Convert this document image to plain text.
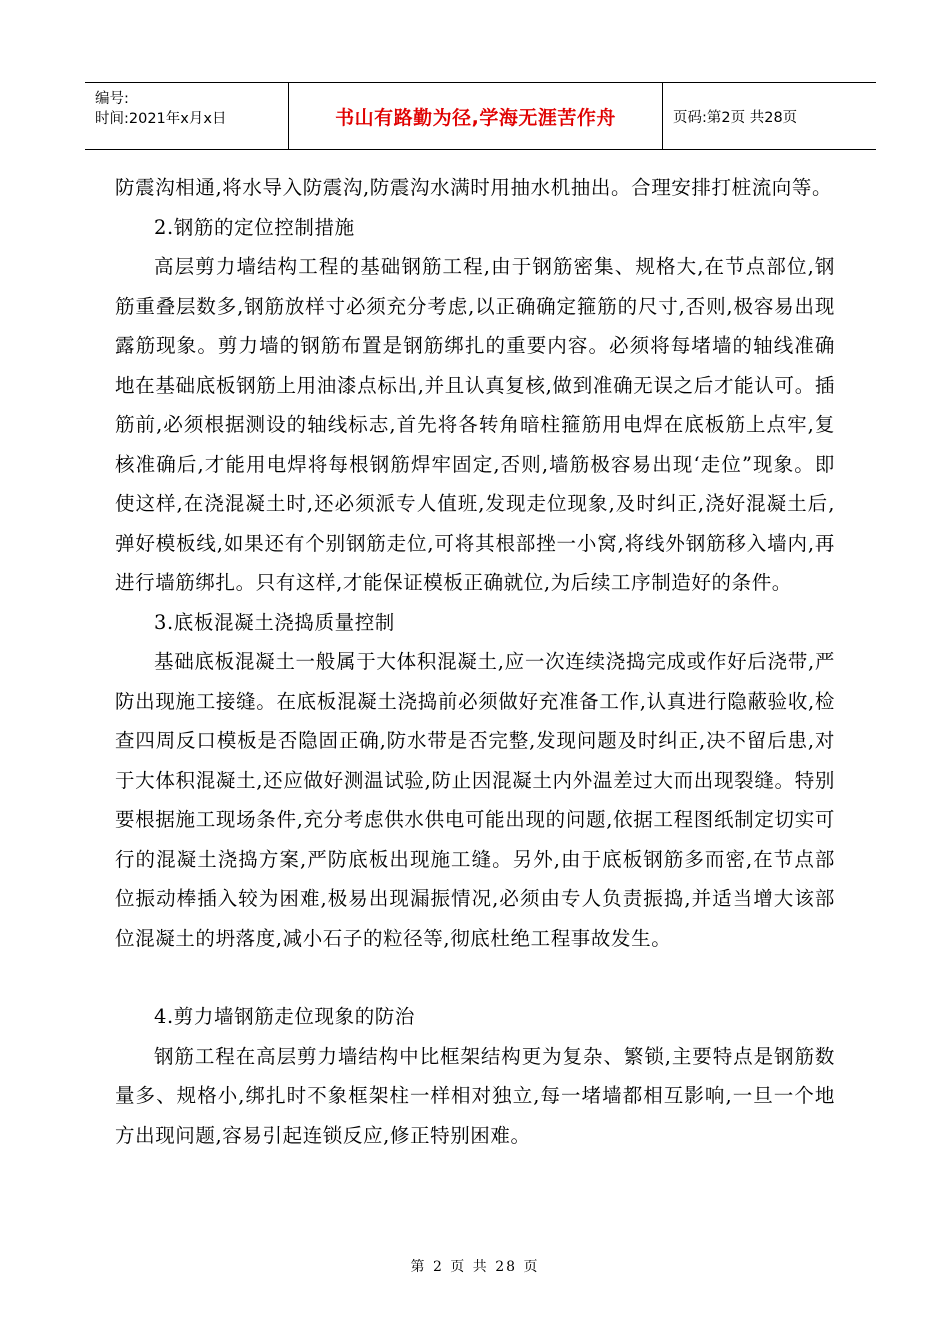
编号:
时间:2021年x月x日	书山有路勤为径,学海无涯苦作舟	页码:第2页 共28页

防震沟相通,将水导入防震沟,防震沟水满时用抽水机抽出。合理安排打桩流向等。

2.钢筋的定位控制措施

高层剪力墙结构工程的基础钢筋工程,由于钢筋密集、规格大,在节点部位,钢筋重叠层数多,钢筋放样寸必须充分考虑,以正确确定箍筋的尺寸,否则,极容易出现露筋现象。剪力墙的钢筋布置是钢筋绑扎的重要内容。必须将每堵墙的轴线准确地在基础底板钢筋上用油漆点标出,并且认真复核,做到准确无误之后才能认可。插筋前,必须根据测设的轴线标志,首先将各转角暗柱箍筋用电焊在底板筋上点牢,复核准确后,才能用电焊将每根钢筋焊牢固定,否则,墙筋极容易出现‘走位”现象。即使这样,在浇混凝土时,还必须派专人值班,发现走位现象,及时纠正,浇好混凝土后,弹好模板线,如果还有个别钢筋走位,可将其根部挫一小窝,将线外钢筋移入墙内,再进行墙筋绑扎。只有这样,才能保证模板正确就位,为后续工序制造好的条件。

3.底板混凝土浇捣质量控制

基础底板混凝土一般属于大体积混凝土,应一次连续浇捣完成或作好后浇带,严防出现施工接缝。在底板混凝土浇捣前必须做好充准备工作,认真进行隐蔽验收,检查四周反口模板是否隐固正确,防水带是否完整,发现问题及时纠正,决不留后患,对于大体积混凝土,还应做好测温试验,防止因混凝土内外温差过大而出现裂缝。特别要根据施工现场条件,充分考虑供水供电可能出现的问题,依据工程图纸制定切实可行的混凝土浇捣方案,严防底板出现施工缝。另外,由于底板钢筋多而密,在节点部位振动棒插入较为困难,极易出现漏振情况,必须由专人负责振捣,并适当增大该部位混凝土的坍落度,减小石子的粒径等,彻底杜绝工程事故发生。

4.剪力墙钢筋走位现象的防治

钢筋工程在高层剪力墙结构中比框架结构更为复杂、繁锁,主要特点是钢筋数量多、规格小,绑扎时不象框架柱一样相对独立,每一堵墙都相互影响,一旦一个地方出现问题,容易引起连锁反应,修正特别困难。

第 2 页 共 28 页
